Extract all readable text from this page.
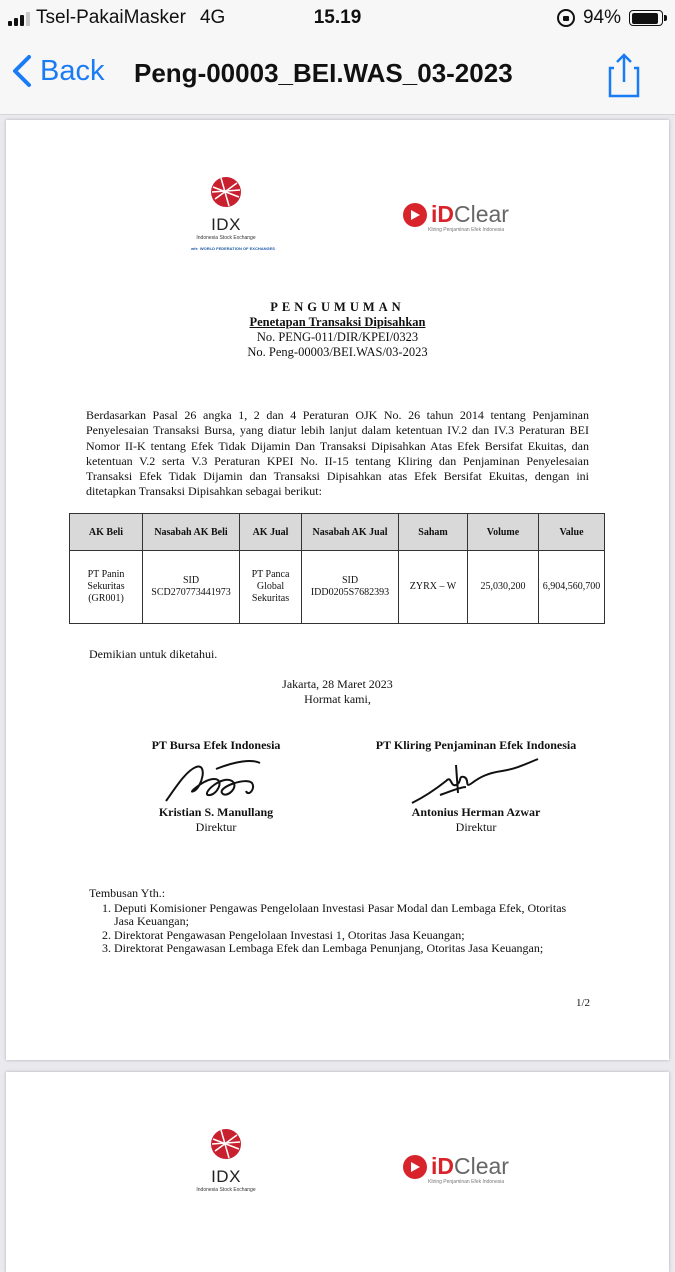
Tsel-PakaiMasker 4G	15.19	94%
Back Peng-00003_BEI.WAS_03-2023
IDX
Indonesia Stock Exchange
wfe WORLD FEDERATION OF EXCHANGES
iDClear
Kliring Penjaminan Efek Indonesia
PENGUMUMAN
Penetapan Transaksi Dipisahkan
No. PENG-011/DIR/KPEI/0323
No. Peng-00003/BEI.WAS/03-2023
Berdasarkan Pasal 26 angka 1, 2 dan 4 Peraturan OJK No. 26 tahun 2014 tentang Penjaminan Penyelesaian Transaksi Bursa, yang diatur lebih lanjut dalam ketentuan IV.2 dan IV.3 Peraturan BEI Nomor II-K tentang Efek Tidak Dijamin Dan Transaksi Dipisahkan Atas Efek Bersifat Ekuitas, dan ketentuan V.2 serta V.3 Peraturan KPEI No. II-15 tentang Kliring dan Penjaminan Penyelesaian Transaksi Efek Tidak Dijamin dan Transaksi Dipisahkan atas Efek Bersifat Ekuitas, dengan ini ditetapkan Transaksi Dipisahkan sebagai berikut:
AK Beli	Nasabah AK Beli	AK Jual	Nasabah AK Jual	Saham	Volume	Value
PT Panin Sekuritas (GR001)	SID SCD270773441973	PT Panca Global Sekuritas	SID IDD0205S7682393	ZYRX – W	25,030,200	6,904,560,700
Demikian untuk diketahui.
Jakarta, 28 Maret 2023
Hormat kami,
PT Bursa Efek Indonesia
Kristian S. Manullang
Direktur
PT Kliring Penjaminan Efek Indonesia
Antonius Herman Azwar
Direktur
Tembusan Yth.:
1. Deputi Komisioner Pengawas Pengelolaan Investasi Pasar Modal dan Lembaga Efek, Otoritas Jasa Keuangan;
2. Direktorat Pengawasan Pengelolaan Investasi 1, Otoritas Jasa Keuangan;
3. Direktorat Pengawasan Lembaga Efek dan Lembaga Penunjang, Otoritas Jasa Keuangan;
1/2
IDX
Indonesia Stock Exchange
iDClear
Kliring Penjaminan Efek Indonesia
